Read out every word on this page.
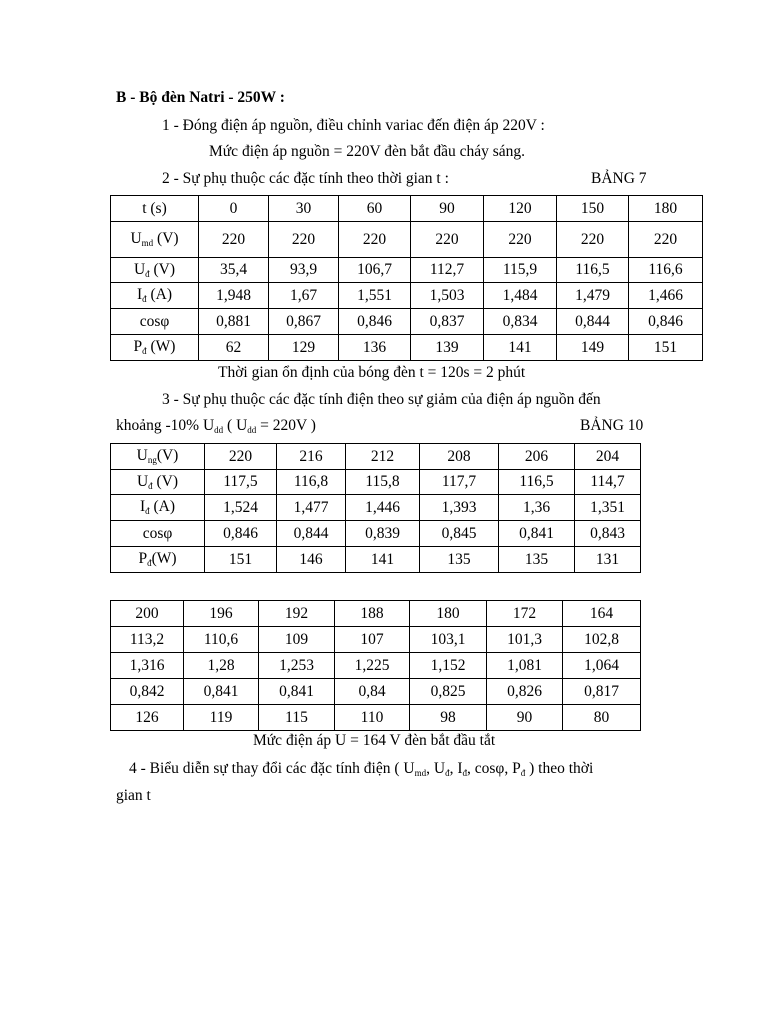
B - Bộ đèn Natri - 250W :
1 - Đóng điện áp nguồn, điều chỉnh variac đến điện áp 220V :
Mức điện áp nguồn = 220V đèn bắt đầu cháy sáng.
2 - Sự phụ thuộc các đặc tính theo thời gian t :	BẢNG 7
t (s)	0	30	60	90	120	150	180
Umd (V)	220	220	220	220	220	220	220
Uđ (V)	35,4	93,9	106,7	112,7	115,9	116,5	116,6
Iđ (A)	1,948	1,67	1,551	1,503	1,484	1,479	1,466
cosφ	0,881	0,867	0,846	0,837	0,834	0,844	0,846
Pđ (W)	62	129	136	139	141	149	151
Thời gian ổn định của bóng đèn t = 120s = 2 phút
3 - Sự phụ thuộc các đặc tính điện theo sự giảm của điện áp nguồn đến
khoảng -10% Udd ( Udd = 220V )	BẢNG 10
Ung(V)	220	216	212	208	206	204
Uđ (V)	117,5	116,8	115,8	117,7	116,5	114,7
Iđ (A)	1,524	1,477	1,446	1,393	1,36	1,351
cosφ	0,846	0,844	0,839	0,845	0,841	0,843
Pđ(W)	151	146	141	135	135	131
200	196	192	188	180	172	164
113,2	110,6	109	107	103,1	101,3	102,8
1,316	1,28	1,253	1,225	1,152	1,081	1,064
0,842	0,841	0,841	0,84	0,825	0,826	0,817
126	119	115	110	98	90	80
Mức điện áp U = 164 V đèn bắt đầu tắt
4 - Biểu diễn sự thay đổi các đặc tính điện ( Umd, Uđ, Iđ, cosφ, Pđ ) theo thời
gian t
